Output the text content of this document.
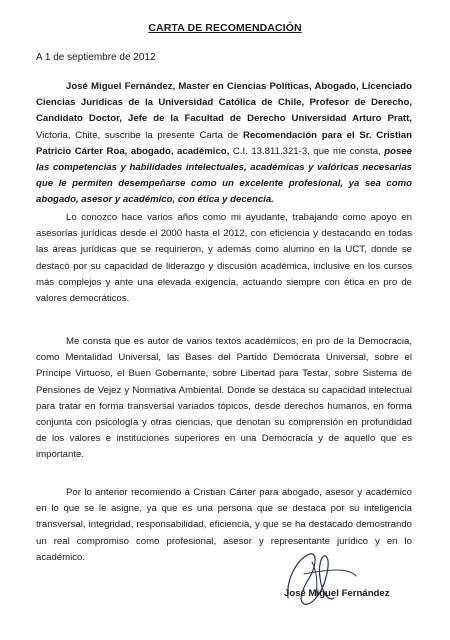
CARTA DE RECOMENDACIÓN
A 1 de septiembre de 2012

José Miguel Fernández, Master en Ciencias Políticas, Abogado, Licenciado Ciencias Jurídicas de la Universidad Católica de Chile, Profesor de Derecho, Candidato Doctor, Jefe de la Facultad de Derecho Universidad Arturo Pratt, Victoria, Chite, suscribe la presente Carta de Recomendación para el Sr. Cristian Patricio Cárter Roa, abogado, académico, C.I. 13.811.321-3, que me consta, posee las competencias y habilidades intelectuales, académicas y valóricas necesarias que le permiten desempeñarse como un excelente profesional, ya sea como abogado, asesor y académico, con ética y decencia.

Lo conozco hace varios años como mi ayudante, trabajando como apoyo en asesorías jurídicas desde el 2000 hasta el 2012, con eficiencia y destacando en todas las áreas jurídicas que se requirieron, y además como alumno en la UCT, donde se destacó por su capacidad de liderazgo y discusión académica, inclusive en los cursos más complejos y ante una elevada exigencia, actuando siempre con ética en pro de valores democráticos.

Me consta que es autor de varios textos académicos, en pro de la Democracia, como Mentalidad Universal, las Bases del Partido Demócrata Universal, sobre el Príncipe Virtuoso, el Buen Gobernante, sobre Libertad para Testar, sobre Sistema de Pensiones de Vejez y Normativa Ambiental. Donde se destaca su capacidad intelectual para tratar en forma transversal variados tópicos, desde derechos humanos, en forma conjunta con psicología y otras ciencias, que denotan su comprensión en profundidad de los valores e instituciones superiores en una Democracia y de aquello que es importante.

Por lo anterior recomiendo a Cristian Cárter para abogado, asesor y académico en lo que se le asigne, ya que es una persona que se destaca por su inteligencia transversal, integridad, responsabilidad, eficiencia, y que se ha destacado demostrando un real compromiso como profesional, asesor y representante jurídico y en lo académico.

José Miguel Fernández
